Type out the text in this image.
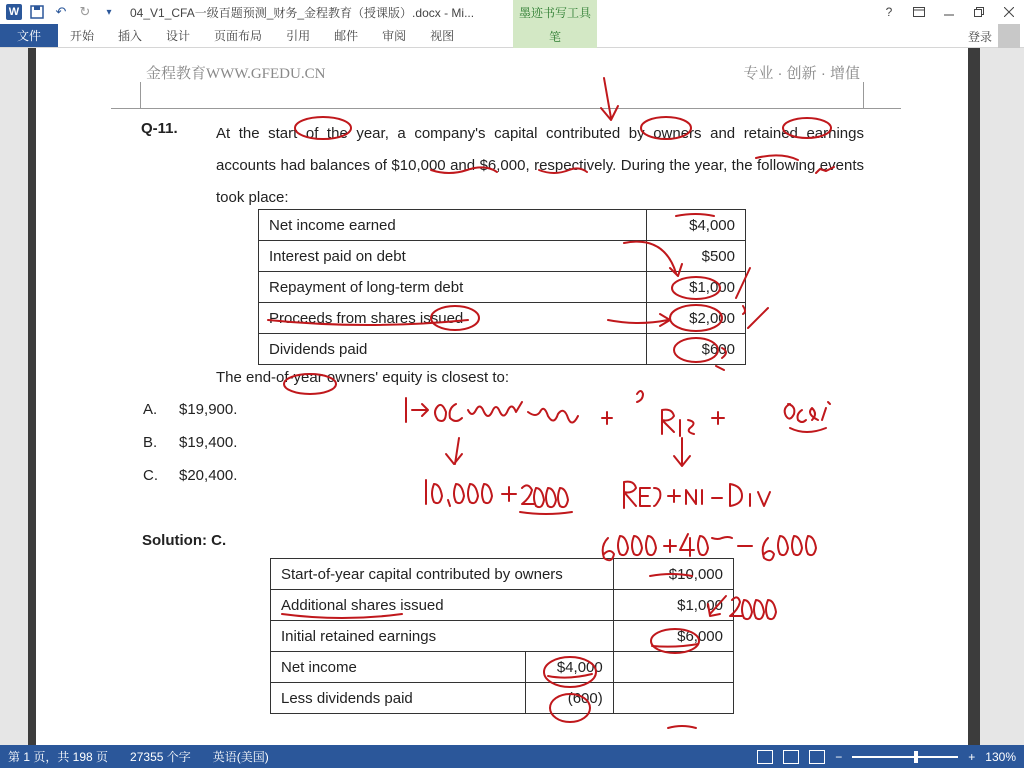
W	↶ ↻	▾	04_V1_CFA一级百题预测_财务_金程教育（授课版）.docx - Mi...	墨迹书写工具	?
文件	开始	插入	设计	页面布局	引用	邮件	审阅	视图	笔	登录
金程教育WWW.GFEDU.CN	专业 · 创新 · 增值
Q-11.	At the start of the year, a company's capital contributed by owners and retained earnings accounts had balances of $10,000 and $6,000, respectively. During the year, the following events took place:
Net income earned	$4,000
Interest paid on debt	$500
Repayment of long-term debt	$1,000
Proceeds from shares issued	$2,000
Dividends paid	$600
The end-of-year owners' equity is closest to:
A. $19,900.
B. $19,400.
C. $20,400.
Solution: C.
Start-of-year capital contributed by owners		$10,000
Additional shares issued		$1,000
Initial retained earnings		$6,000
Net income	$4,000	
Less dividends paid	(600)	
第 1 页，共 198 页 27355 个字 英语(美国)	−	+ 130%
